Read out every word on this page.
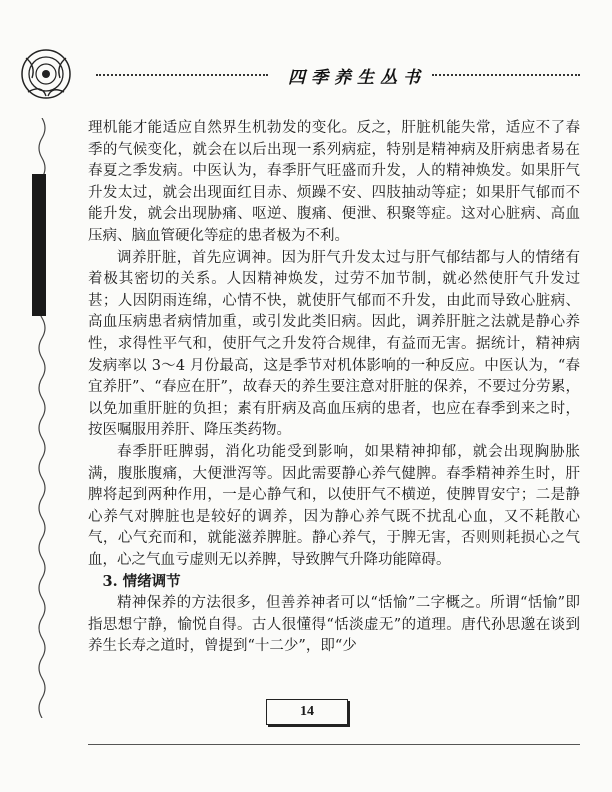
四季养生丛书

理机能才能适应自然界生机勃发的变化。反之，肝脏机能失常，适应不了春季的气候变化，就会在以后出现一系列病症，特别是精神病及肝病患者易在春夏之季发病。中医认为，春季肝气旺盛而升发，人的精神焕发。如果肝气升发太过，就会出现面红目赤、烦躁不安、四肢抽动等症；如果肝气郁而不能升发，就会出现胁痛、呕逆、腹痛、便泄、积聚等症。这对心脏病、高血压病、脑血管硬化等症的患者极为不利。

调养肝脏，首先应调神。因为肝气升发太过与肝气郁结都与人的情绪有着极其密切的关系。人因精神焕发，过劳不加节制，就必然使肝气升发过甚；人因阴雨连绵，心情不快，就使肝气郁而不升发，由此而导致心脏病、高血压病患者病情加重，或引发此类旧病。因此，调养肝脏之法就是静心养性，求得性平气和，使肝气之升发符合规律，有益而无害。据统计，精神病发病率以 3～4 月份最高，这是季节对机体影响的一种反应。中医认为，“春宜养肝”、“春应在肝”，故春天的养生要注意对肝脏的保养，不要过分劳累，以免加重肝脏的负担；素有肝病及高血压病的患者，也应在春季到来之时，按医嘱服用养肝、降压类药物。

春季肝旺脾弱，消化功能受到影响，如果精神抑郁，就会出现胸胁胀满，腹胀腹痛，大便泄泻等。因此需要静心养气健脾。春季精神养生时，肝脾将起到两种作用，一是心静气和，以使肝气不横逆，使脾胃安宁；二是静心养气对脾脏也是较好的调养，因为静心养气既不扰乱心血，又不耗散心气，心气充而和，就能滋养脾脏。静心养气，于脾无害，否则则耗损心之气血，心之气血亏虚则无以养脾，导致脾气升降功能障碍。

3. 情绪调节

精神保养的方法很多，但善养神者可以“恬愉”二字概之。所谓“恬愉”即指思想宁静，愉悦自得。古人很懂得“恬淡虚无”的道理。唐代孙思邈在谈到养生长寿之道时，曾提到“十二少”，即“少

14
